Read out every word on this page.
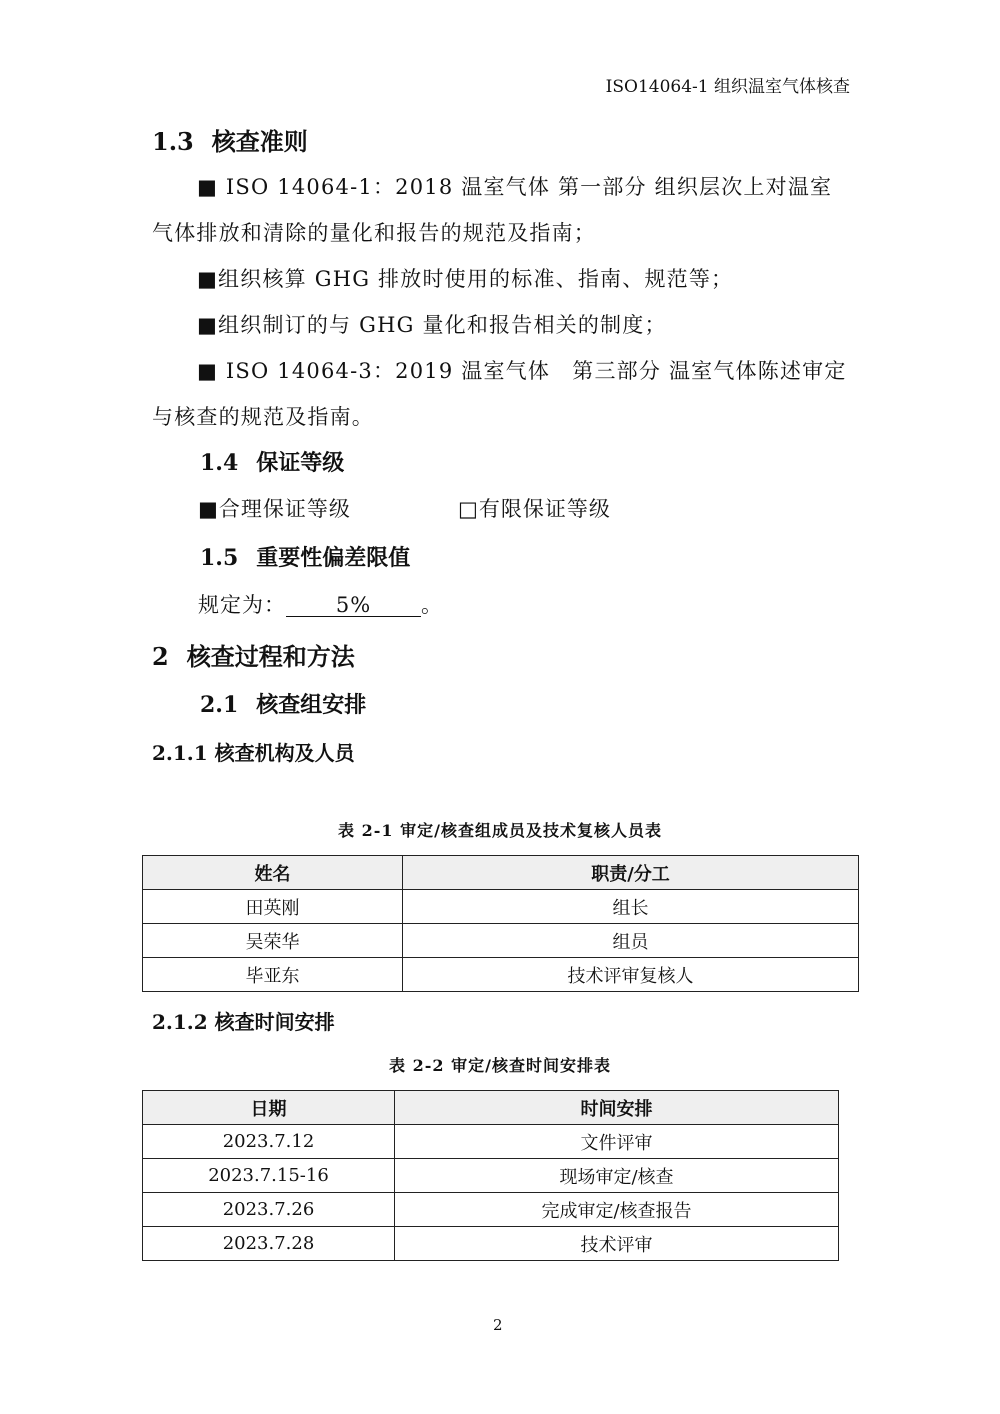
ISO14064-1 组织温室气体核查
1.3 核查准则
■ ISO 14064-1：2018 温室气体 第一部分 组织层次上对温室气体排放和清除的量化和报告的规范及指南；
■组织核算 GHG 排放时使用的标准、指南、规范等；
■组织制订的与 GHG 量化和报告相关的制度；
■ ISO 14064-3：2019 温室气体　第三部分 温室气体陈述审定与核查的规范及指南。
1.4 保证等级
■合理保证等级	□有限保证等级
1.5 重要性偏差限值
规定为： 5% 。
2 核查过程和方法
2.1 核查组安排
2.1.1 核查机构及人员
表 2-1 审定/核查组成员及技术复核人员表
姓名	职责/分工
田英刚	组长
吴荣华	组员
毕亚东	技术评审复核人
2.1.2 核查时间安排
表 2-2 审定/核查时间安排表
日期	时间安排
2023.7.12	文件评审
2023.7.15-16	现场审定/核查
2023.7.26	完成审定/核查报告
2023.7.28	技术评审
2
